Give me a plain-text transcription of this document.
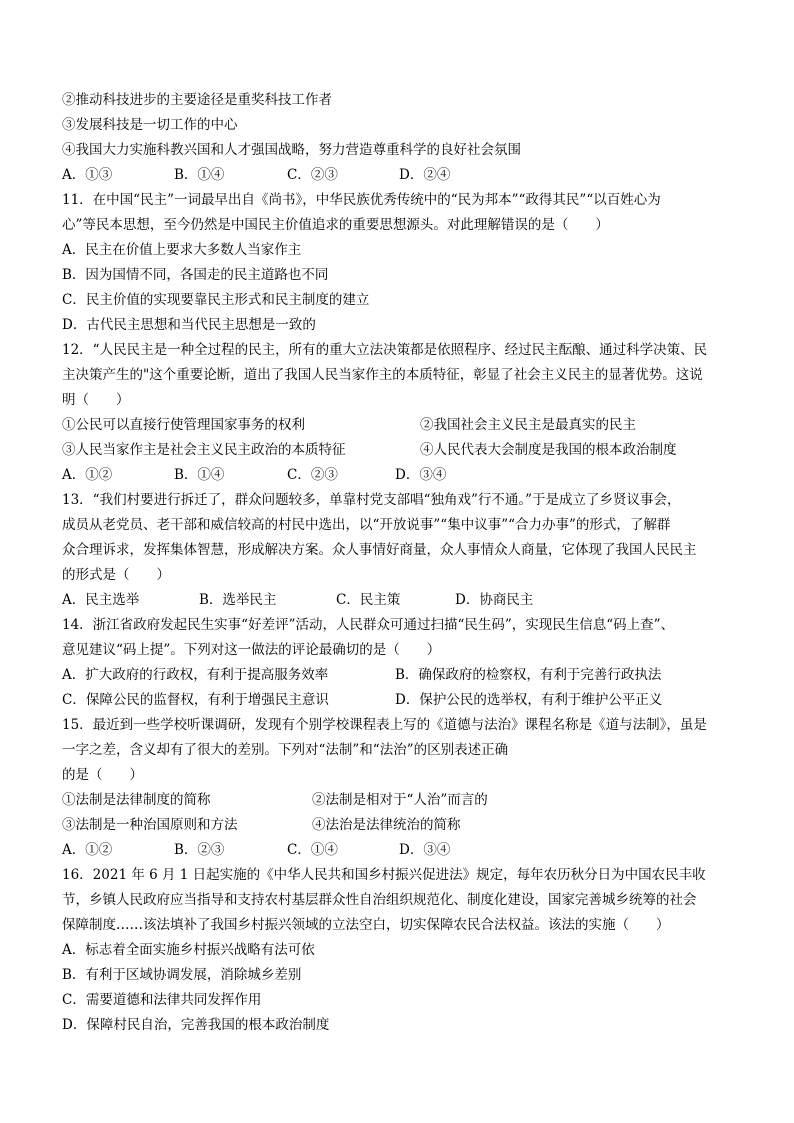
②推动科技进步的主要途径是重奖科技工作者
③发展科技是一切工作的中心
④我国大力实施科教兴国和人才强国战略，努力营造尊重科学的良好社会氛围
A．①③	B．①④	C．②③	D．②④
11．在中国“民主”一词最早出自《尚书》，中华民族优秀传统中的“民为邦本”“政得其民”“以百姓心为
心”等民本思想，至今仍然是中国民主价值追求的重要思想源头。对此理解错误的是（　　）
A．民主在价值上要求大多数人当家作主
B．因为国情不同，各国走的民主道路也不同
C．民主价值的实现要靠民主形式和民主制度的建立
D．古代民主思想和当代民主思想是一致的
12．“人民民主是一种全过程的民主，所有的重大立法决策都是依照程序、经过民主酝酿、通过科学决策、民
主决策产生的"这个重要论断，道出了我国人民当家作主的本质特征，彰显了社会主义民主的显著优势。这说
明（　　）
①公民可以直接行使管理国家事务的权利	②我国社会主义民主是最真实的民主
③人民当家作主是社会主义民主政治的本质特征	④人民代表大会制度是我国的根本政治制度
A．①②	B．①④	C．②③	D．③④
13．“我们村要进行拆迁了，群众问题较多，单靠村党支部唱“独角戏”行不通。”于是成立了乡贤议事会，
成员从老党员、老干部和威信较高的村民中选出，以“开放说事”“集中议事”“合力办事”的形式，了解群
众合理诉求，发挥集体智慧，形成解决方案。众人事情好商量，众人事情众人商量，它体现了我国人民民主
的形式是（　　）
A．民主选举	B．选举民主	C．民主策	D．协商民主
14．浙江省政府发起民生实事“好差评”活动，人民群众可通过扫描“民生码”，实现民生信息“码上查”、
意见建议“码上提”。下列对这一做法的评论最确切的是（　　）
A．扩大政府的行政权，有利于提高服务效率	B．确保政府的检察权，有利于完善行政执法
C．保障公民的监督权，有利于增强民主意识	D．保护公民的选举权，有利于维护公平正义
15．最近到一些学校听课调研，发现有个别学校课程表上写的《道德与法治》课程名称是《道与法制》，虽是
一字之差，含义却有了很大的差别。下列对“法制”和“法治”的区别表述正确
的是（　　）
①法制是法律制度的简称	②法制是相对于“人治”而言的
③法制是一种治国原则和方法	④法治是法律统治的简称
A．①②	B．②③	C．①④	D．③④
16．2021 年 6 月 1 日起实施的《中华人民共和国乡村振兴促进法》规定，每年农历秋分日为中国农民丰收
节，乡镇人民政府应当指导和支持农村基层群众性自治组织规范化、制度化建设，国家完善城乡统筹的社会
保障制度……该法填补了我国乡村振兴领域的立法空白，切实保障农民合法权益。该法的实施（　　）
A．标志着全面实施乡村振兴战略有法可依
B．有利于区域协调发展，消除城乡差别
C．需要道德和法律共同发挥作用
D．保障村民自治，完善我国的根本政治制度
